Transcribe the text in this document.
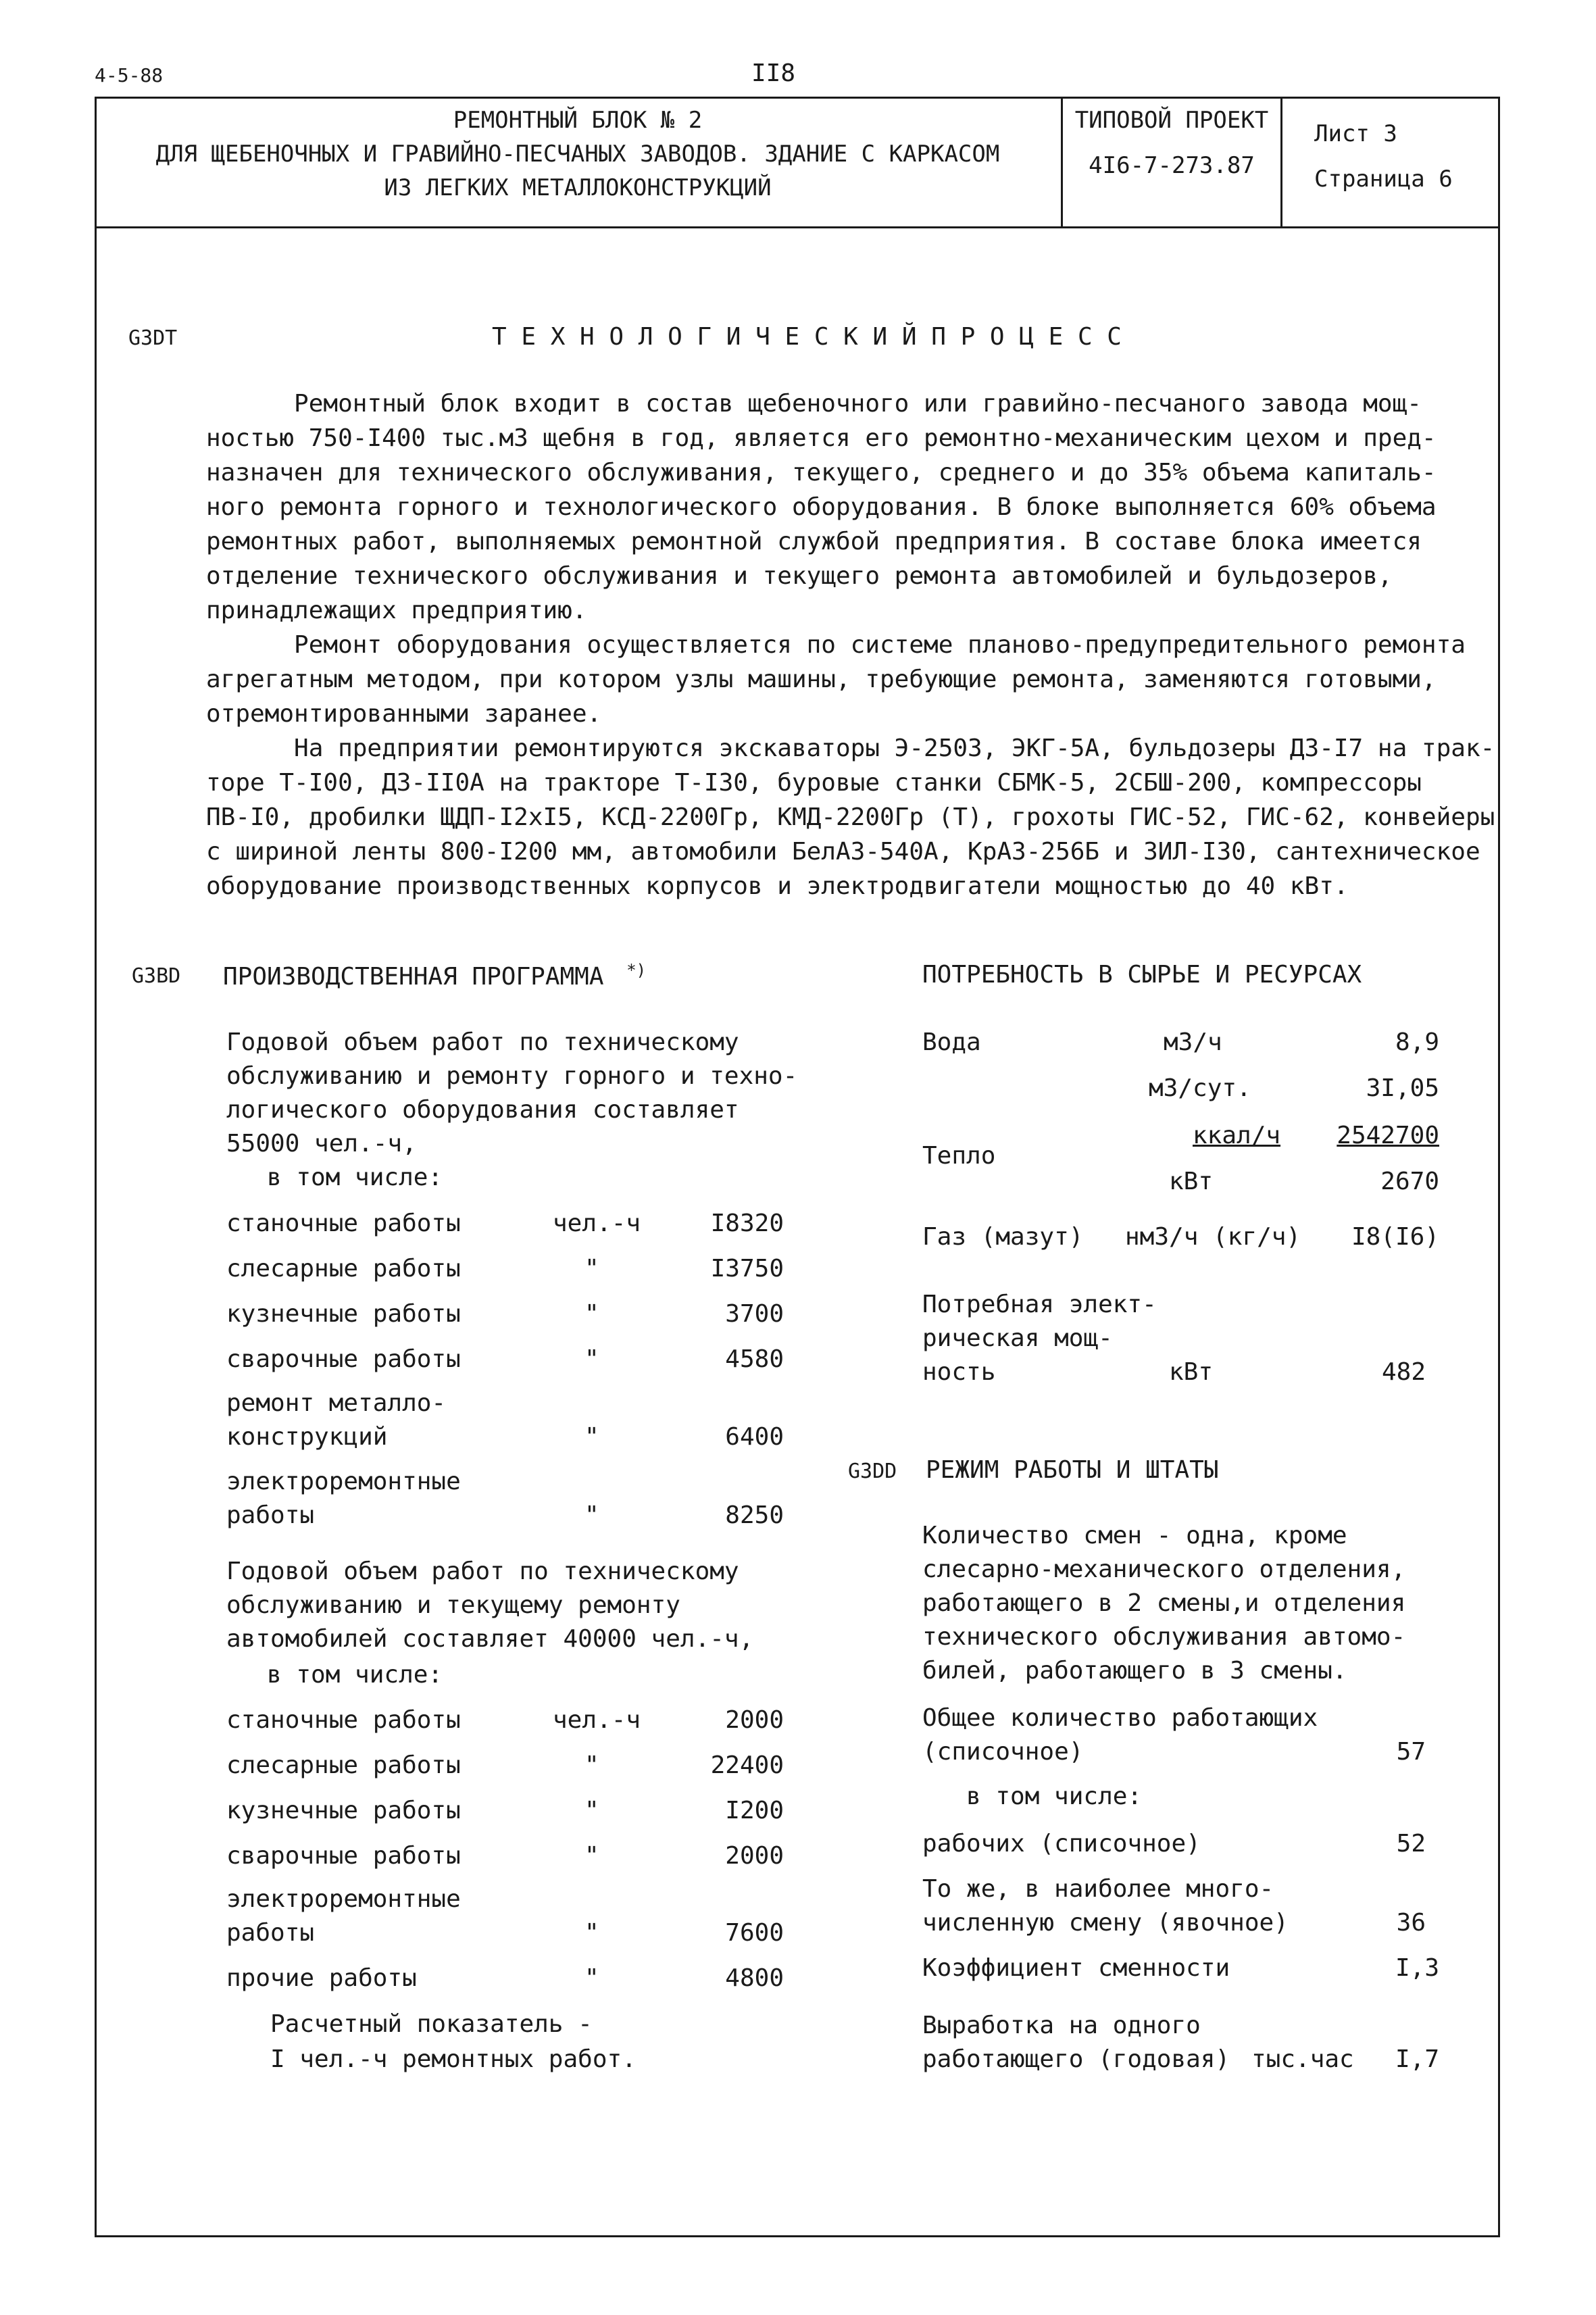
4-5-88	II8
РЕМОНТНЫЙ БЛОК № 2
ДЛЯ ЩЕБЕНОЧНЫХ И ГРАВИЙНО-ПЕСЧАНЫХ ЗАВОДОВ. ЗДАНИЕ С КАРКАСОМ
ИЗ ЛЕГКИХ МЕТАЛЛОКОНСТРУКЦИЙ
ТИПОВОЙ ПРОЕКТ
4I6-7-273.87
Лист 3
Страница 6
G3DT	Т Е Х Н О Л О Г И Ч Е С К И Й П Р О Ц Е С С
Ремонтный блок входит в состав щебеночного или гравийно-песчаного завода мощ-
ностью 750-I400 тыс.м3 щебня в год, является его ремонтно-механическим цехом и пред-
назначен для технического обслуживания, текущего, среднего и до 35% объема капиталь-
ного ремонта горного и технологического оборудования. В блоке выполняется 60% объема
ремонтных работ, выполняемых ремонтной службой предприятия. В составе блока имеется
отделение технического обслуживания и текущего ремонта автомобилей и бульдозеров,
принадлежащих предприятию.
Ремонт оборудования осуществляется по системе планово-предупредительного ремонта
агрегатным методом, при котором узлы машины, требующие ремонта, заменяются готовыми,
отремонтированными заранее.
На предприятии ремонтируются экскаваторы Э-2503, ЭКГ-5А, бульдозеры ДЗ-I7 на трак-
торе Т-I00, ДЗ-II0А на тракторе Т-I30, буровые станки СБМК-5, 2СБШ-200, компрессоры
ПВ-I0, дробилки ЩДП-I2хI5, КСД-2200Гр, КМД-2200Гр (Т), грохоты ГИС-52, ГИС-62, конвейеры
с шириной ленты 800-I200 мм, автомобили БелАЗ-540А, КрАЗ-256Б и ЗИЛ-I30, сантехническое
оборудование производственных корпусов и электродвигатели мощностью до 40 кВт.
G3BD ПРОИЗВОДСТВЕННАЯ ПРОГРАММА *)
Годовой объем работ по техническому
обслуживанию и ремонту горного и техно-
логического оборудования составляет
55000 чел.-ч,
в том числе:
станочные работы	чел.-ч	I8320
слесарные работы	"	I3750
кузнечные работы	"	3700
сварочные работы	"	4580
ремонт металло-
конструкций	"	6400
электроремонтные
работы	"	8250
Годовой объем работ по техническому
обслуживанию и текущему ремонту
автомобилей составляет 40000 чел.-ч,
в том числе:
станочные работы	чел.-ч	2000
слесарные работы	"	22400
кузнечные работы	"	I200
сварочные работы	"	2000
электроремонтные
работы	"	7600
прочие работы	"	4800
Расчетный показатель -
I чел.-ч ремонтных работ.
ПОТРЕБНОСТЬ В СЫРЬЕ И РЕСУРСАХ
Вода	м3/ч	8,9
м3/сут.	3I,05
Тепло
ккал/ч	2542700
кВт	2670
Газ (мазут) нм3/ч (кг/ч)	I8(I6)
Потребная элект-
рическая мощ-
ность	кВт	482
G3DD РЕЖИМ РАБОТЫ И ШТАТЫ
Количество смен - одна, кроме
слесарно-механического отделения,
работающего в 2 смены,и отделения
технического обслуживания автомо-
билей, работающего в 3 смены.
Общее количество работающих
(списочное)	57
в том числе:
рабочих (списочное)	52
То же, в наиболее много-
численную смену (явочное)	36
Коэффициент сменности	I,3
Выработка на одного
работающего (годовая) тыс.час	I,7
